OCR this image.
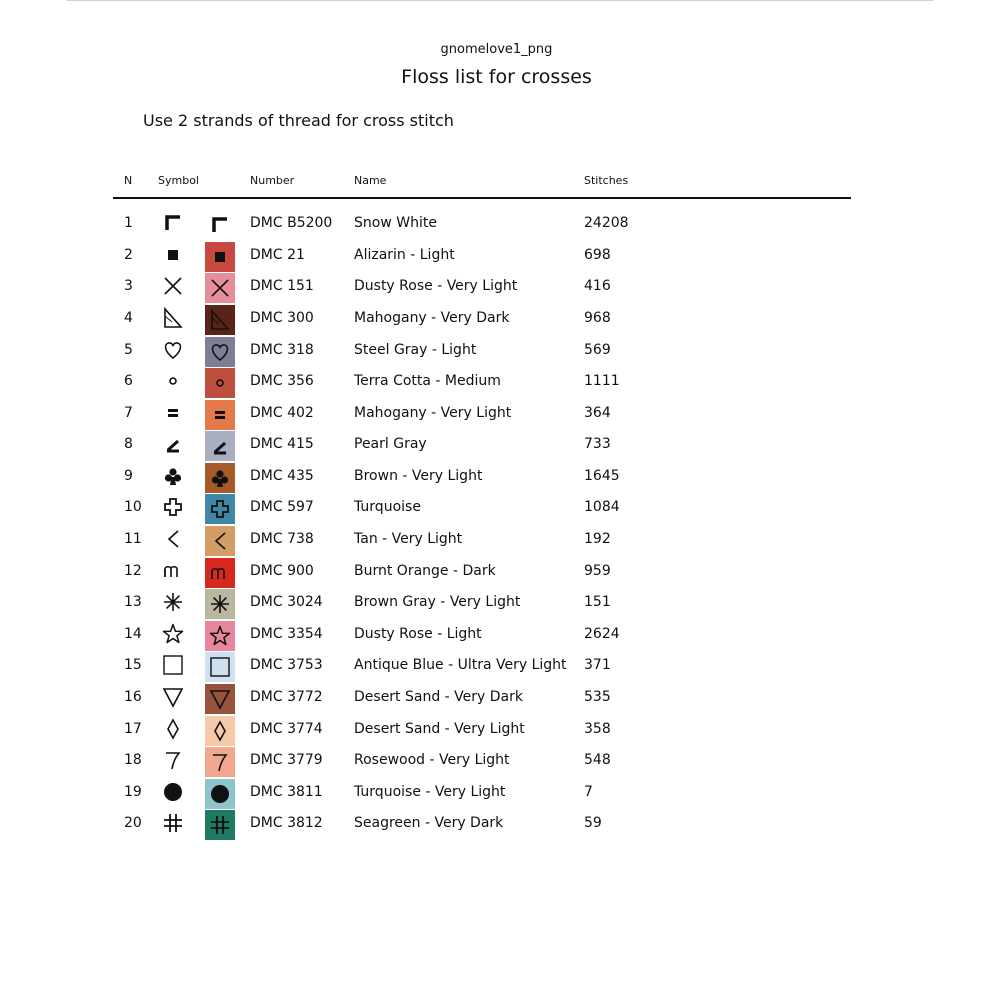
gnomelove1_png
Floss list for crosses
Use 2 strands of thread for cross stitch
N Symbol	Number	Name	Stitches
1	DMC B5200 Snow White	24208
2	DMC 21	Alizarin - Light	698
3	DMC 151	Dusty Rose - Very Light	416
4	DMC 300	Mahogany - Very Dark	968
5	DMC 318	Steel Gray - Light	569
6	DMC 356	Terra Cotta - Medium	1111
7	DMC 402	Mahogany - Very Light	364
8	DMC 415	Pearl Gray	733
9	DMC 435	Brown - Very Light	1645
10	DMC 597	Turquoise	1084
11	DMC 738	Tan - Very Light	192
12	DMC 900	Burnt Orange - Dark	959
13	DMC 3024 Brown Gray - Very Light	151
14	DMC 3354 Dusty Rose - Light	2624
15	DMC 3753 Antique Blue - Ultra Very Light 371
16	DMC 3772 Desert Sand - Very Dark	535
17	DMC 3774 Desert Sand - Very Light	358
18	DMC 3779 Rosewood - Very Light	548
19	DMC 3811 Turquoise - Very Light	7
20	DMC 3812 Seagreen - Very Dark	59
